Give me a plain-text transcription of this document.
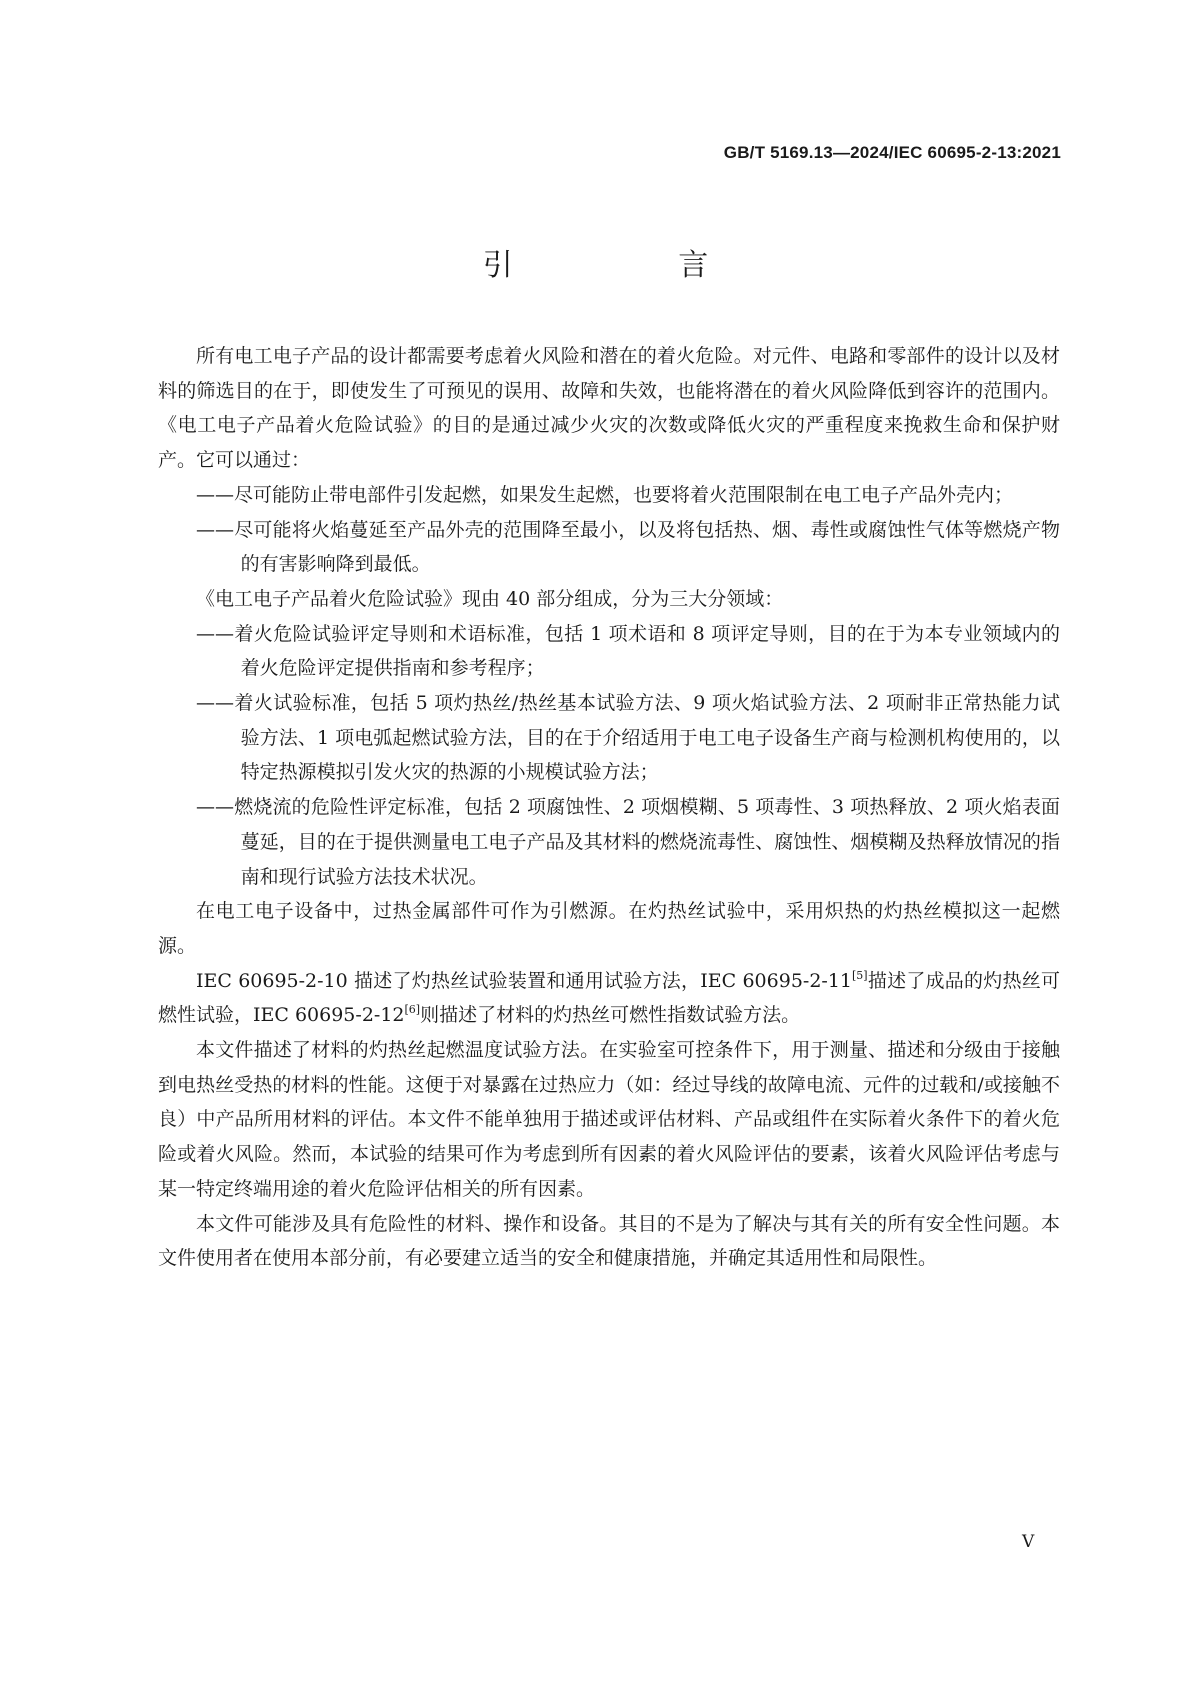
GB/T 5169.13—2024/IEC 60695-2-13:2021
引 言

所有电工电子产品的设计都需要考虑着火风险和潜在的着火危险。对元件、电路和零部件的设计以及材料的筛选目的在于，即使发生了可预见的误用、故障和失效，也能将潜在的着火风险降低到容许的范围内。《电工电子产品着火危险试验》的目的是通过减少火灾的次数或降低火灾的严重程度来挽救生命和保护财产。它可以通过：

——尽可能防止带电部件引发起燃，如果发生起燃，也要将着火范围限制在电工电子产品外壳内；

——尽可能将火焰蔓延至产品外壳的范围降至最小，以及将包括热、烟、毒性或腐蚀性气体等燃烧产物的有害影响降到最低。

《电工电子产品着火危险试验》现由 40 部分组成，分为三大分领域：

——着火危险试验评定导则和术语标准，包括 1 项术语和 8 项评定导则，目的在于为本专业领域内的着火危险评定提供指南和参考程序；

——着火试验标准，包括 5 项灼热丝/热丝基本试验方法、9 项火焰试验方法、2 项耐非正常热能力试验方法、1 项电弧起燃试验方法，目的在于介绍适用于电工电子设备生产商与检测机构使用的，以特定热源模拟引发火灾的热源的小规模试验方法；

——燃烧流的危险性评定标准，包括 2 项腐蚀性、2 项烟模糊、5 项毒性、3 项热释放、2 项火焰表面蔓延，目的在于提供测量电工电子产品及其材料的燃烧流毒性、腐蚀性、烟模糊及热释放情况的指南和现行试验方法技术状况。

在电工电子设备中，过热金属部件可作为引燃源。在灼热丝试验中，采用炽热的灼热丝模拟这一起燃源。

IEC 60695-2-10 描述了灼热丝试验装置和通用试验方法，IEC 60695-2-11[5]描述了成品的灼热丝可燃性试验，IEC 60695-2-12[6]则描述了材料的灼热丝可燃性指数试验方法。

本文件描述了材料的灼热丝起燃温度试验方法。在实验室可控条件下，用于测量、描述和分级由于接触到电热丝受热的材料的性能。这便于对暴露在过热应力（如：经过导线的故障电流、元件的过载和/或接触不良）中产品所用材料的评估。本文件不能单独用于描述或评估材料、产品或组件在实际着火条件下的着火危险或着火风险。然而，本试验的结果可作为考虑到所有因素的着火风险评估的要素，该着火风险评估考虑与某一特定终端用途的着火危险评估相关的所有因素。

本文件可能涉及具有危险性的材料、操作和设备。其目的不是为了解决与其有关的所有安全性问题。本文件使用者在使用本部分前，有必要建立适当的安全和健康措施，并确定其适用性和局限性。

V
